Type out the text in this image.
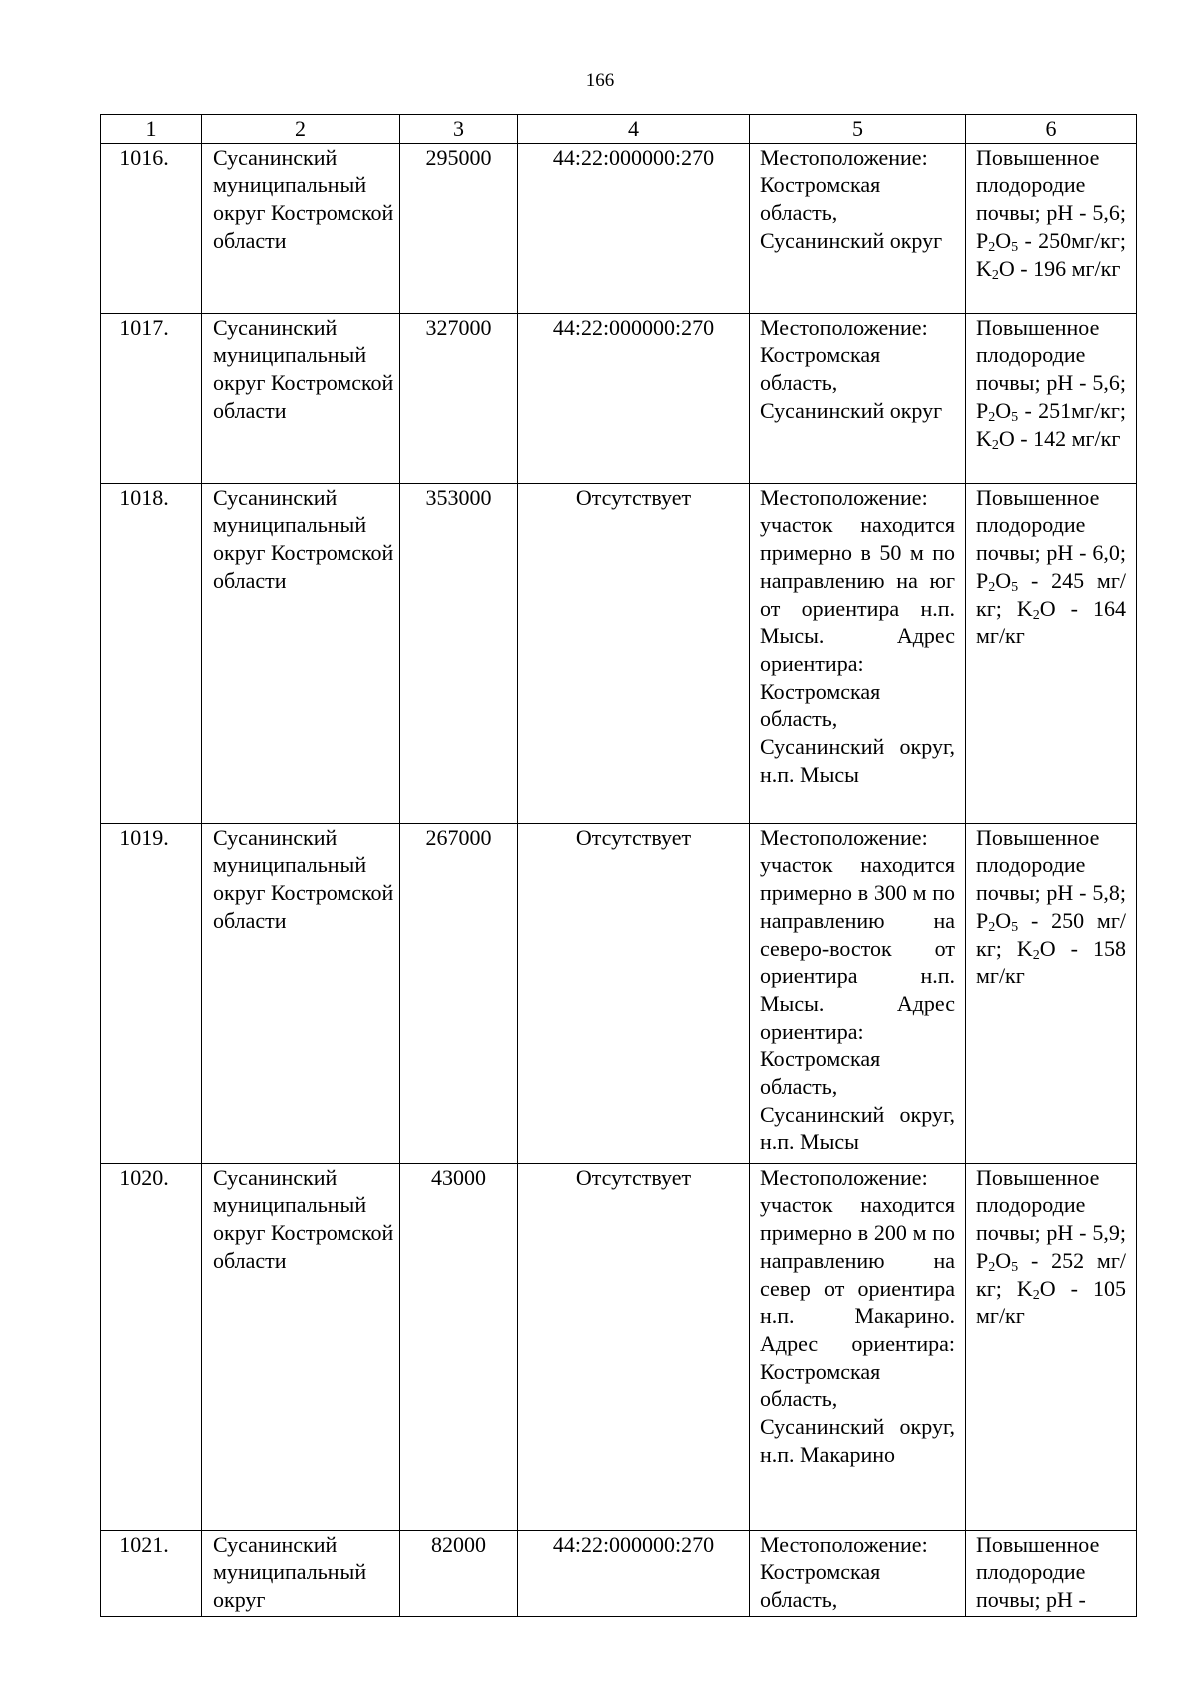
166
1	2	3	4	5	6
1016.	Сусанинский муниципальный округ Костромской области	295000	44:22:000000:270	Местоположение: Костромская область, Сусанинский округ	Повышенное плодородие почвы; pH - 5,6; $P_2O_5 - 250мг/кг$; $K_2O - 196$ мг/кг
1017.	Сусанинский муниципальный округ Костромской области	327000	44:22:000000:270	Местоположение: Костромская область, Сусанинский округ	Повышенное плодородие почвы; pH - 5,6; $P_2O_5 - 251мг/кг$; $K_2O - 142$ мг/кг
1018.	Сусанинский муниципальный округ Костромской области	353000	Отсутствует	Местоположение: участок находится примерно в 50 м по направлению на юг от ориентира н.п. Мысы. Адрес ориентира: Костромская область, Сусанинский округ, н.п. Мысы	Повышенное плодородие почвы; pH - 6,0; $P_2O_5 - 245$ мг/кг; $K_2O - 164$ мг/кг
1019.	Сусанинский муниципальный округ Костромской области	267000	Отсутствует	Местоположение: участок находится примерно в 300 м по направлению на северо-восток от ориентира н.п. Мысы. Адрес ориентира: Костромская область, Сусанинский округ, н.п. Мысы	Повышенное плодородие почвы; pH - 5,8; $P_2O_5 - 250$ мг/кг; $K_2O - 158$ мг/кг
1020.	Сусанинский муниципальный округ Костромской области	43000	Отсутствует	Местоположение: участок находится примерно в 200 м по направлению на север от ориентира н.п. Макарино. Адрес ориентира: Костромская область, Сусанинский округ, н.п. Макарино	Повышенное плодородие почвы; pH - 5,9; $P_2O_5 - 252$ мг/кг; $K_2O - 105$ мг/кг
1021.	Сусанинский муниципальный округ	82000	44:22:000000:270	Местоположение: Костромская область,	Повышенное плодородие почвы; pH -
